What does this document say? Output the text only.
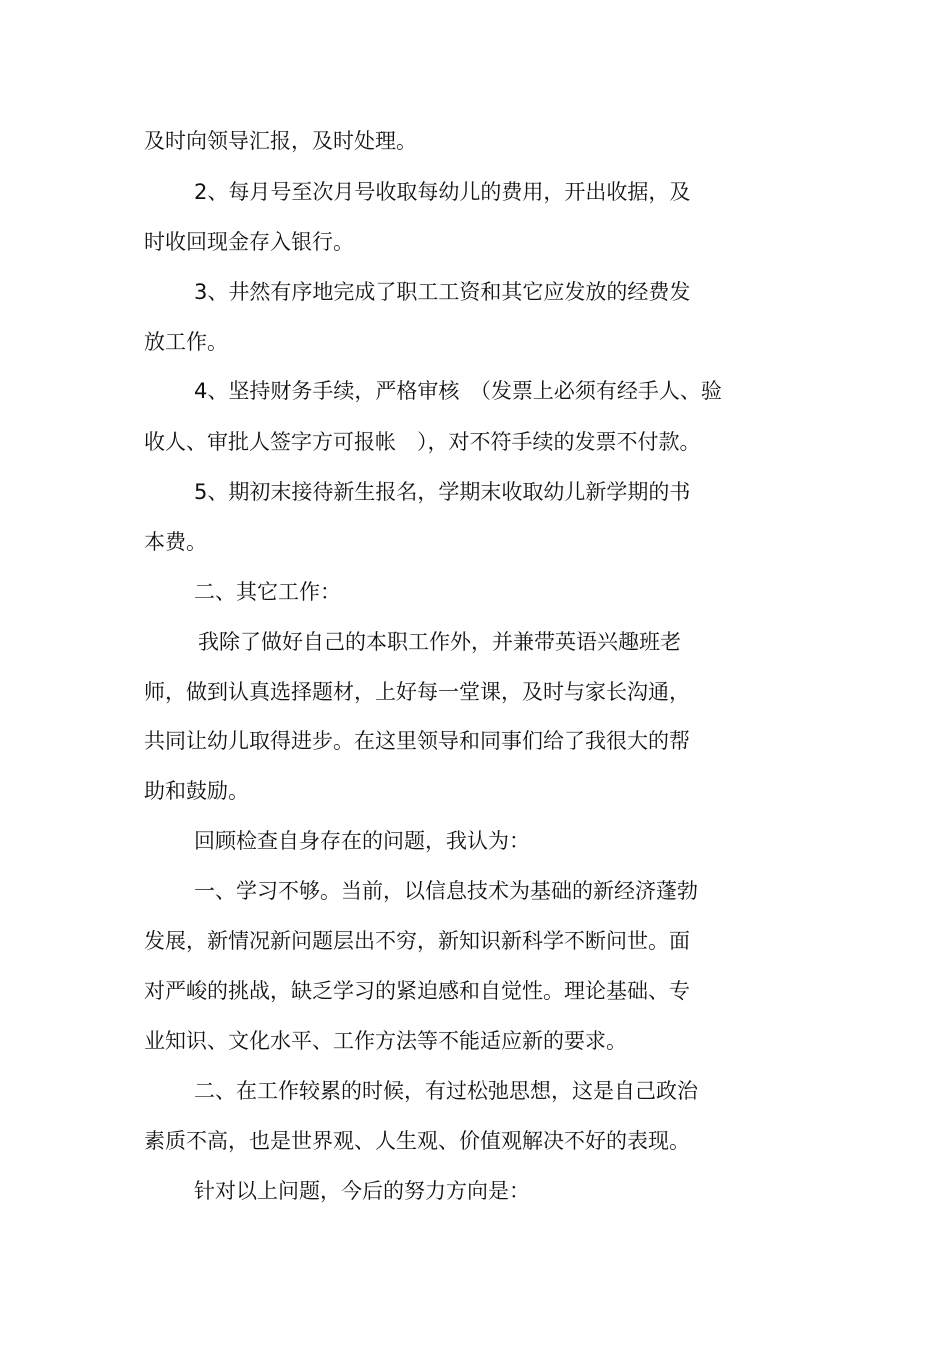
及时向领导汇报，及时处理。

2、每月号至次月号收取每幼儿的费用，开出收据，及

时收回现金存入银行。

3、井然有序地完成了职工工资和其它应发放的经费发

放工作。

4、坚持财务手续，严格审核　（发票上必须有经手人、验

收人、审批人签字方可报帐　），对不符手续的发票不付款。

5、期初末接待新生报名，学期末收取幼儿新学期的书

本费。

二、其它工作：

我除了做好自己的本职工作外，并兼带英语兴趣班老

师，做到认真选择题材，上好每一堂课，及时与家长沟通，

共同让幼儿取得进步。在这里领导和同事们给了我很大的帮

助和鼓励。

回顾检查自身存在的问题，我认为：

一、学习不够。当前，以信息技术为基础的新经济蓬勃

发展，新情况新问题层出不穷，新知识新科学不断问世。面

对严峻的挑战，缺乏学习的紧迫感和自觉性。理论基础、专

业知识、文化水平、工作方法等不能适应新的要求。

二、在工作较累的时候，有过松弛思想，这是自己政治

素质不高，也是世界观、人生观、价值观解决不好的表现。

针对以上问题，今后的努力方向是：
